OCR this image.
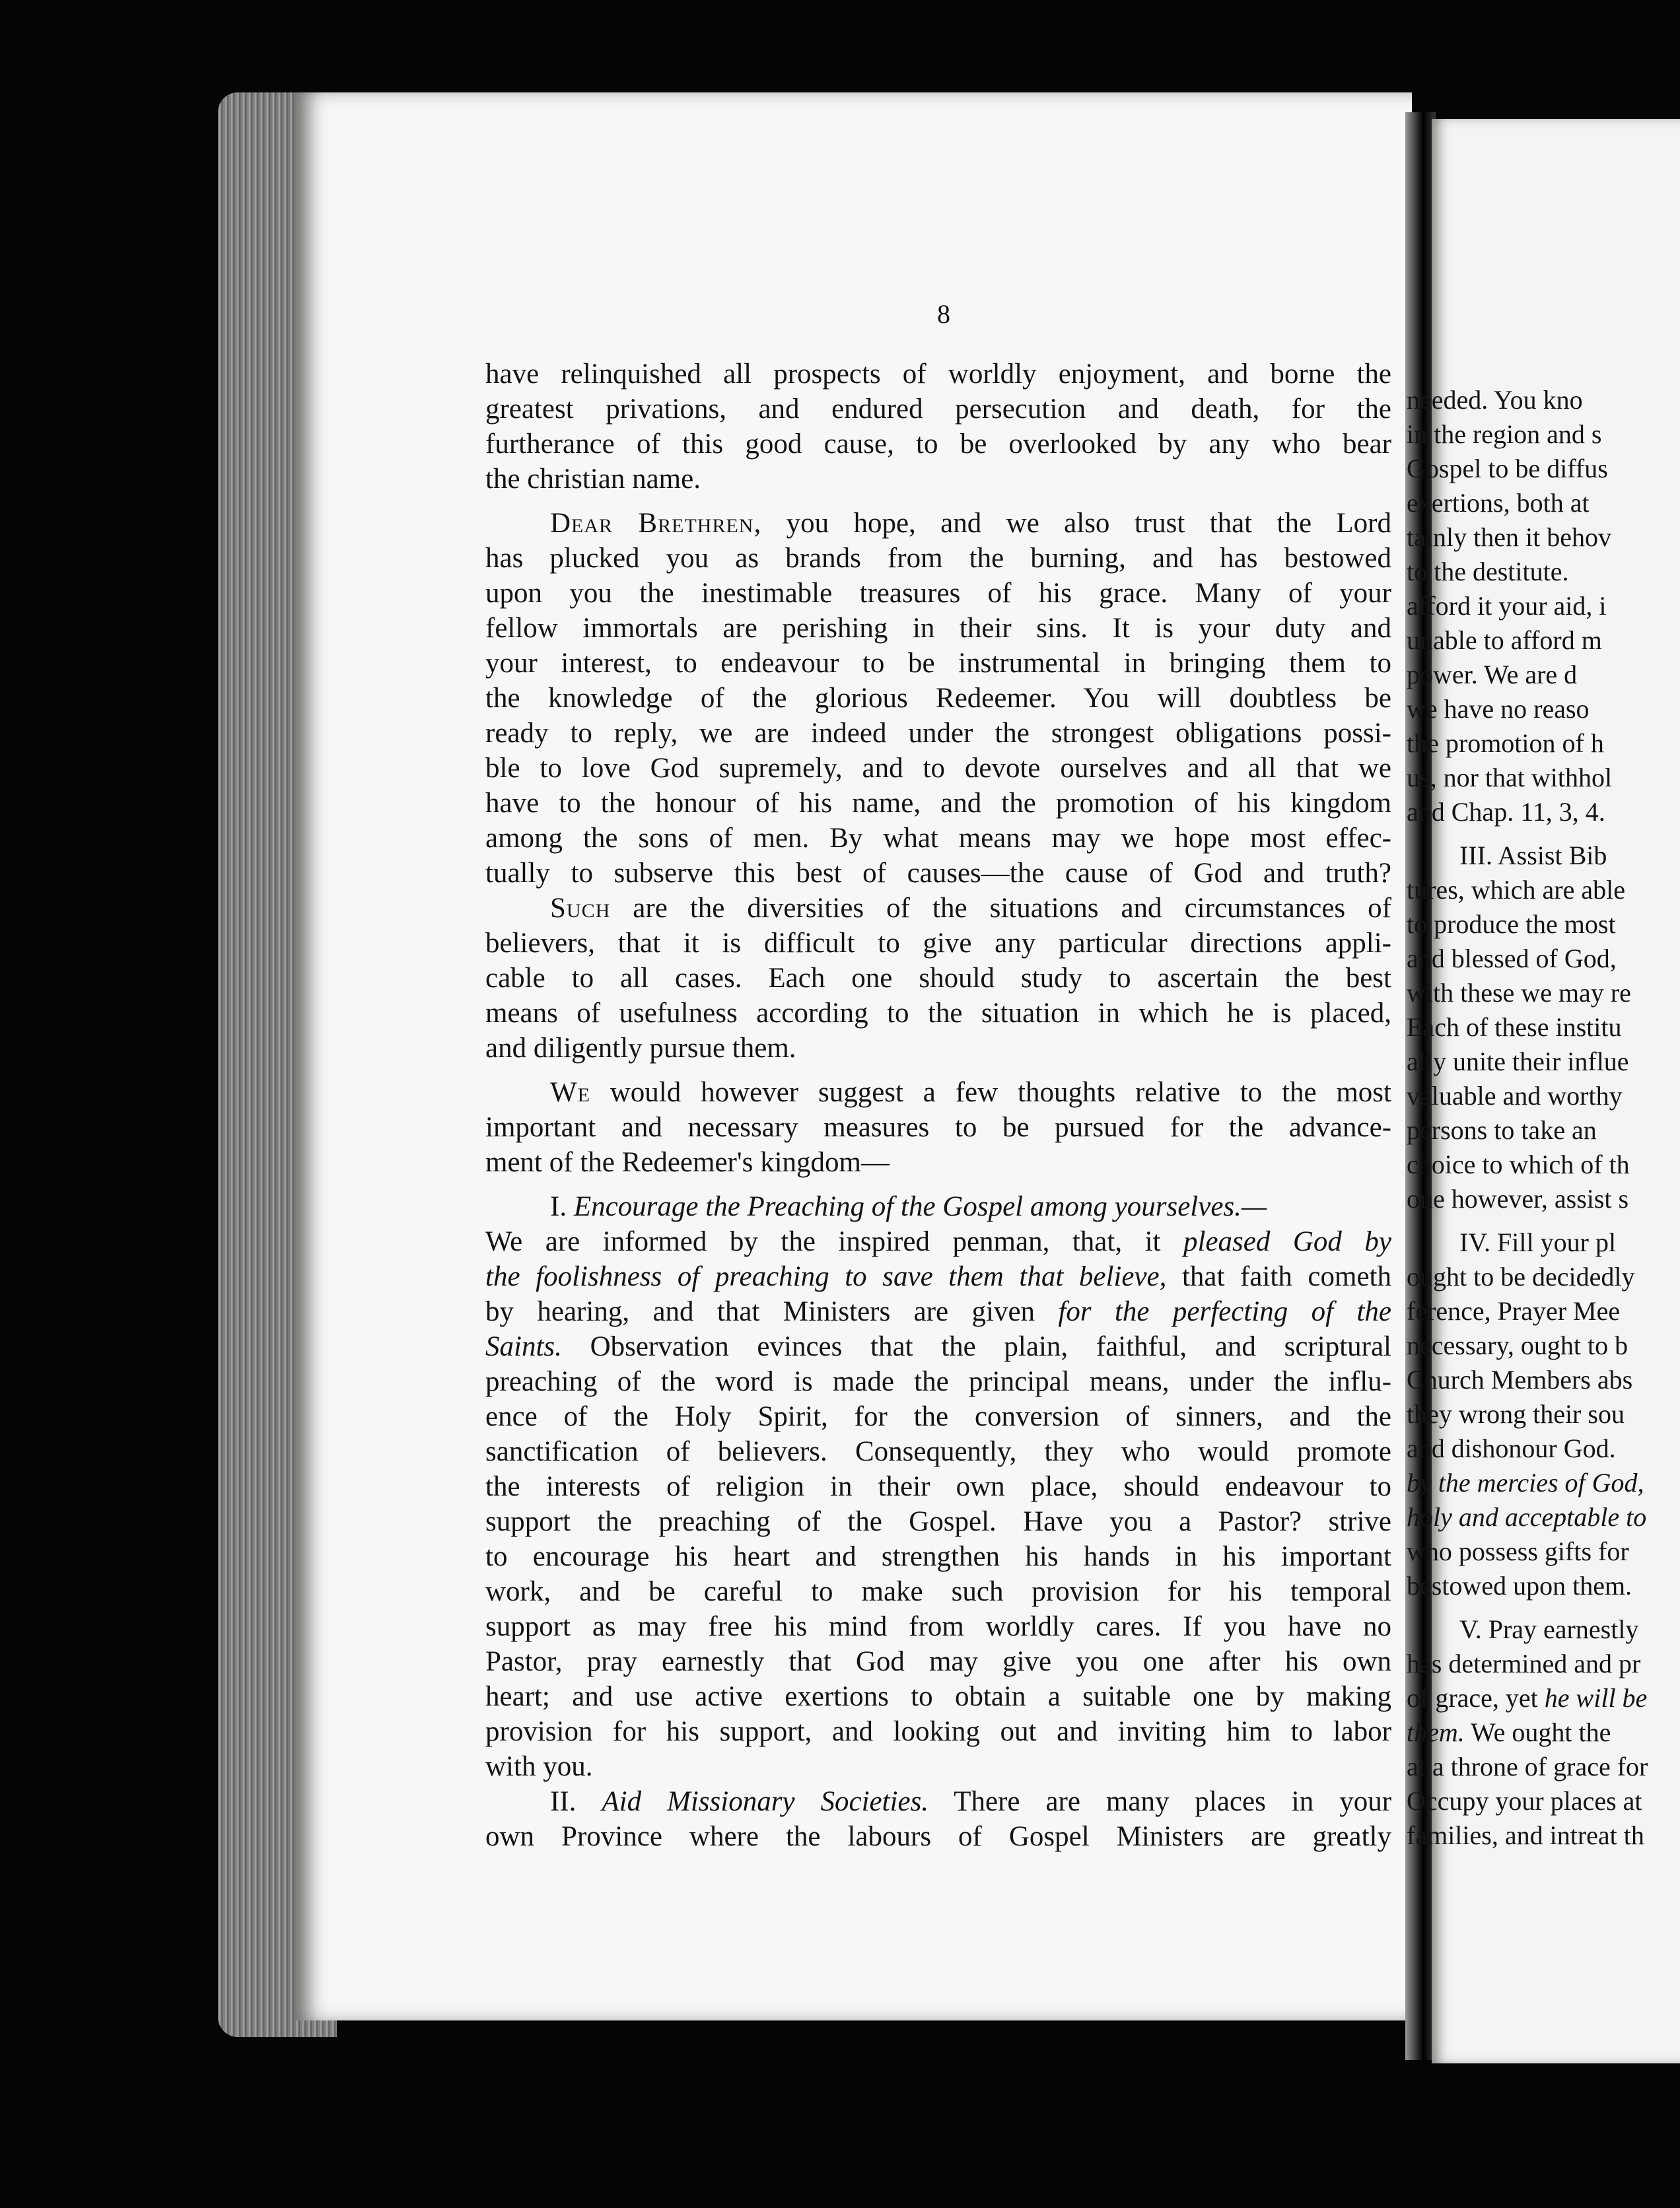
8
have relinquished all prospects of worldly enjoyment, and borne the
greatest privations, and endured persecution and death, for the
furtherance of this good cause, to be overlooked by any who bear
the christian name.
Dear Brethren, you hope, and we also trust that the Lord
has plucked you as brands from the burning, and has bestowed
upon you the inestimable treasures of his grace. Many of your
fellow immortals are perishing in their sins. It is your duty and
your interest, to endeavour to be instrumental in bringing them to
the knowledge of the glorious Redeemer. You will doubtless be
ready to reply, we are indeed under the strongest obligations possi-
ble to love God supremely, and to devote ourselves and all that we
have to the honour of his name, and the promotion of his kingdom
among the sons of men. By what means may we hope most effec-
tually to subserve this best of causes—the cause of God and truth?
Such are the diversities of the situations and circumstances of
believers, that it is difficult to give any particular directions appli-
cable to all cases. Each one should study to ascertain the best
means of usefulness according to the situation in which he is placed,
and diligently pursue them.
We would however suggest a few thoughts relative to the most
important and necessary measures to be pursued for the advance-
ment of the Redeemer's kingdom—
I. Encourage the Preaching of the Gospel among yourselves.—
We are informed by the inspired penman, that, it pleased God by
the foolishness of preaching to save them that believe, that faith cometh
by hearing, and that Ministers are given for the perfecting of the
Saints. Observation evinces that the plain, faithful, and scriptural
preaching of the word is made the principal means, under the influ-
ence of the Holy Spirit, for the conversion of sinners, and the
sanctification of believers. Consequently, they who would promote
the interests of religion in their own place, should endeavour to
support the preaching of the Gospel. Have you a Pastor? strive
to encourage his heart and strengthen his hands in his important
work, and be careful to make such provision for his temporal
support as may free his mind from worldly cares. If you have no
Pastor, pray earnestly that God may give you one after his own
heart; and use active exertions to obtain a suitable one by making
provision for his support, and looking out and inviting him to labor
with you.
II. Aid Missionary Societies. There are many places in your
own Province where the labours of Gospel Ministers are greatly
needed. You kno
in the region and s
Gospel to be diffus
exertions, both at
tainly then it behov
to the destitute.
afford it your aid, i
unable to afford m
power. We are d
we have no reaso
the promotion of h
us, nor that withhol
and Chap. 11, 3, 4.
III. Assist Bib
tures, which are able
to produce the most
and blessed of God,
with these we may re
Each of these institu
ally unite their influe
valuable and worthy
persons to take an
choice to which of th
one however, assist s
IV. Fill your pl
ought to be decidedly
ference, Prayer Mee
necessary, ought to b
Church Members abs
they wrong their sou
and dishonour God.
by the mercies of God,
holy and acceptable to
who possess gifts for
bestowed upon them.
V. Pray earnestly
has determined and pr
of grace, yet he will be
them. We ought the
at a throne of grace for
Occupy your places at
families, and intreat th
